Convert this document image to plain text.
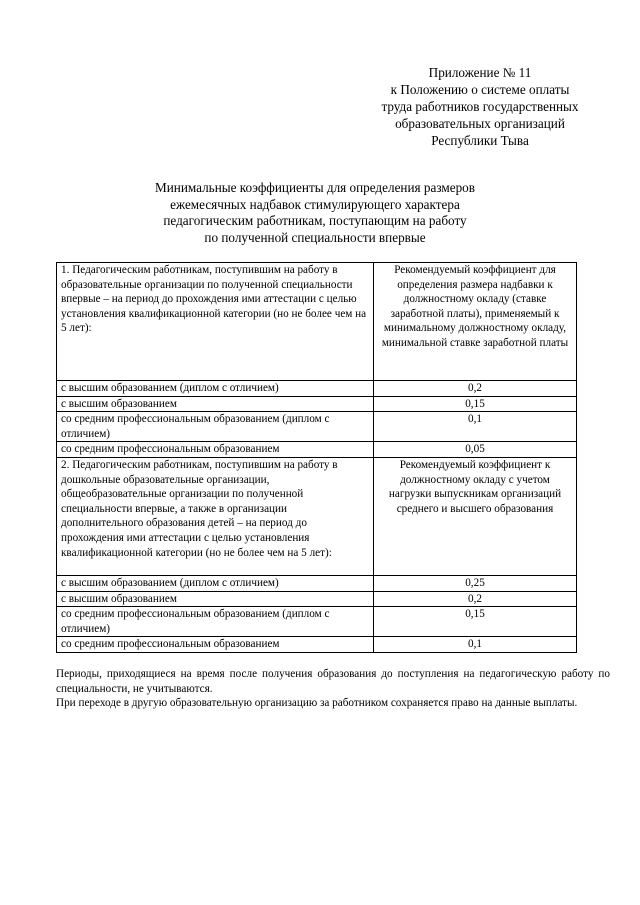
Приложение № 11
к Положению о системе оплаты
труда работников государственных
образовательных организаций
Республики Тыва
Минимальные коэффициенты для определения размеров
ежемесячных надбавок стимулирующего характера
педагогическим работникам, поступающим на работу
по полученной специальности впервые
1. Педагогическим работникам, поступившим на работу в образовательные организации по полученной специальности впервые – на период до прохождения ими аттестации с целью установления квалификационной категории (но не более чем на 5 лет):	Рекомендуемый коэффициент для определения размера надбавки к должностному окладу (ставке заработной платы), применяемый к минимальному должностному окладу, минимальной ставке заработной платы
с высшим образованием (диплом с отличием)	0,2
с высшим образованием	0,15
со средним профессиональным образованием (диплом с отличием)	0,1
со средним профессиональным образованием	0,05
2. Педагогическим работникам, поступившим на работу в дошкольные образовательные организации, общеобразовательные организации по полученной специальности впервые, а также в организации дополнительного образования детей – на период до прохождения ими аттестации с целью установления квалификационной категории (но не более чем на 5 лет):	Рекомендуемый коэффициент к должностному окладу с учетом нагрузки выпускникам организаций среднего и высшего образования
с высшим образованием (диплом с отличием)	0,25
с высшим образованием	0,2
со средним профессиональным образованием (диплом с отличием)	0,15
со средним профессиональным образованием	0,1

Периоды, приходящиеся на время после получения образования до поступления на педагогическую работу по специальности, не учитываются.

При переходе в другую образовательную организацию за работником сохраняется право на данные выплаты.
